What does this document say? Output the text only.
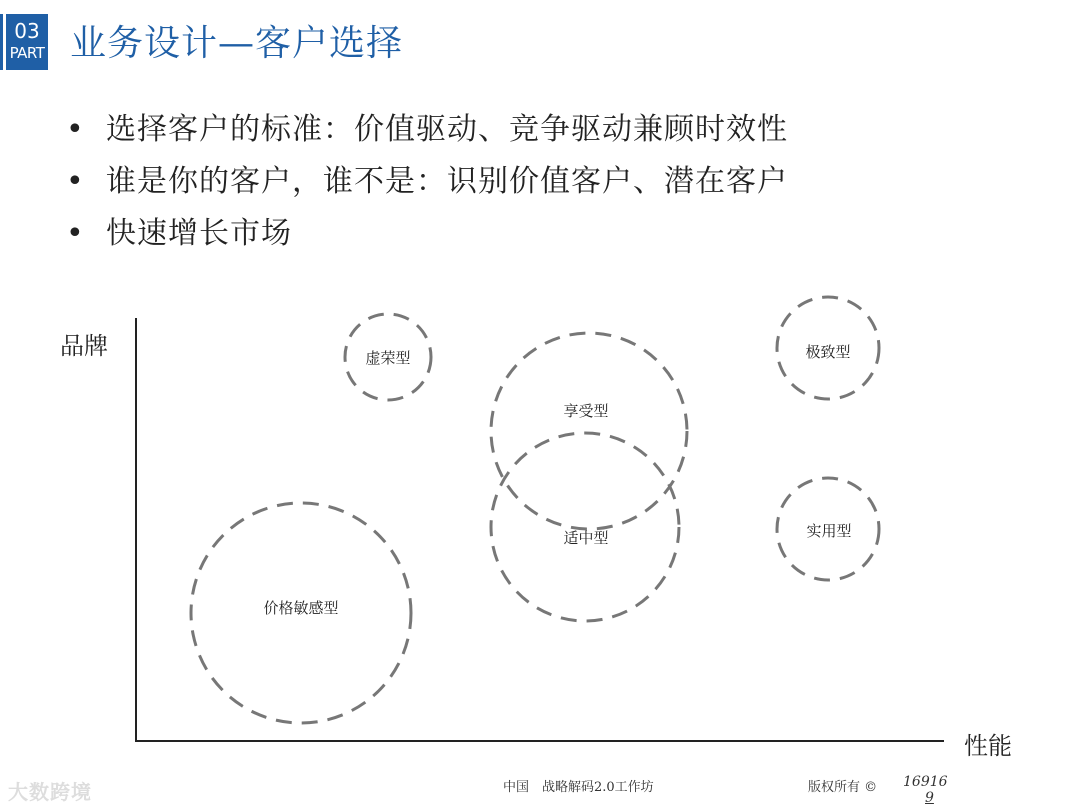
03
PART 业务设计—客户选择
• 选择客户的标准：价值驱动、竞争驱动兼顾时效性
• 谁是你的客户，谁不是：识别价值客户、潜在客户
• 快速增长市场
虚荣型	极致型
享受型
适中型	实用型
价格敏感型
品牌
性能
大数跨境	中国　战略解码2.0工作坊	版权所有 © 16916
9
